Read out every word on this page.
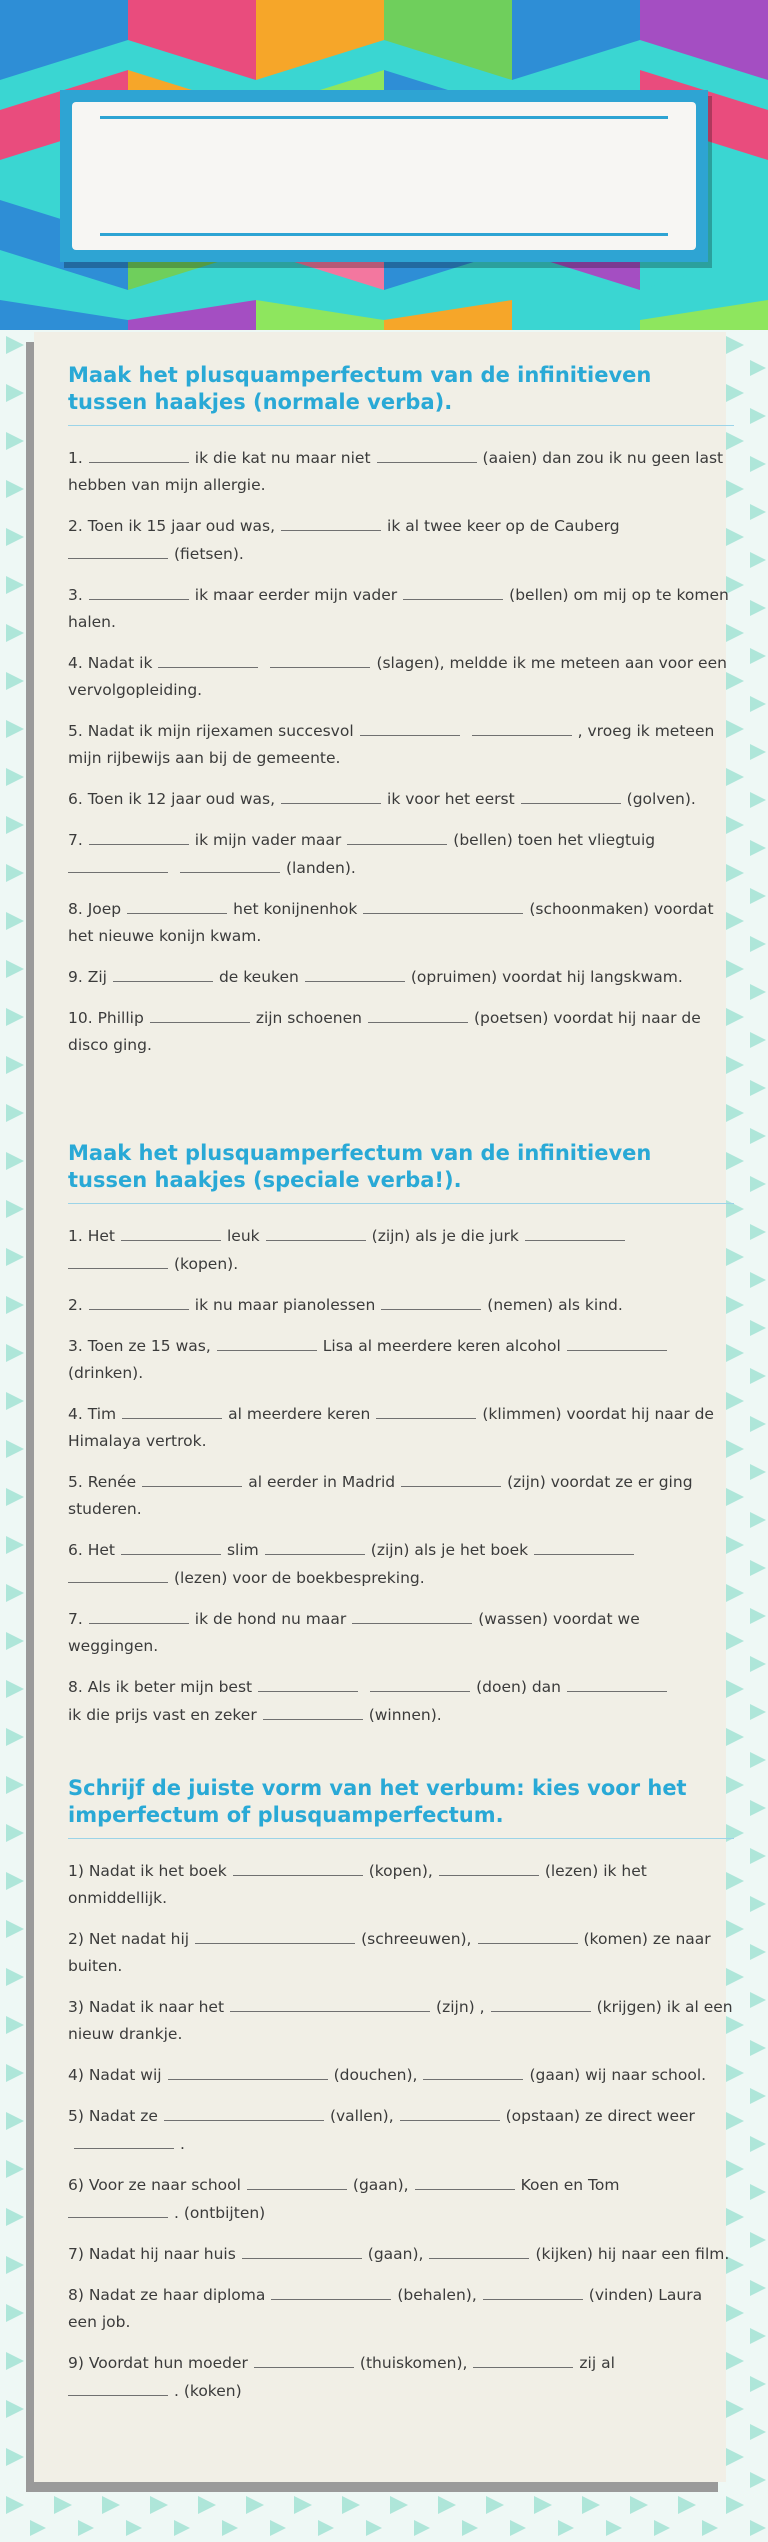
Maak het plusquamperfectum van de infinitieven tussen haakjes (normale verba).

1.	ik die kat nu maar niet	(aaien) dan zou ik nu geen last hebben van mijn allergie.

2. Toen ik 15 jaar oud was,	ik al twee keer op de Cauberg
(fietsen).

3.	ik maar eerder mijn vader	(bellen) om mij op te komen halen.

4. Nadat ik	(slagen), meldde ik me meteen aan voor een vervolgopleiding.

5. Nadat ik mijn rijexamen succesvol	, vroeg ik meteen mijn rijbewijs aan bij de gemeente.

6. Toen ik 12 jaar oud was,	ik voor het eerst	(golven).

7.	ik mijn vader maar	(bellen) toen het vliegtuig
(landen).

8. Joep	het konijnenhok	(schoonmaken) voordat het nieuwe konijn kwam.

9. Zij	de keuken	(opruimen) voordat hij langskwam.

10. Phillip	zijn schoenen	(poetsen) voordat hij naar de disco ging.

Maak het plusquamperfectum van de infinitieven tussen haakjes (speciale verba!).

1. Het	leuk	(zijn) als je die jurk
(kopen).

2.	ik nu maar pianolessen	(nemen) als kind.

3. Toen ze 15 was,	Lisa al meerdere keren alcohol(drinken).

4. Tim	al meerdere keren	(klimmen) voordat hij naar de Himalaya vertrok.

5. Renée	al eerder in Madrid	(zijn) voordat ze er ging studeren.

6. Het	slim	(zijn) als je het boek
(lezen) voor de boekbespreking.

7.	ik de hond nu maar	(wassen) voordat we weggingen.

8. Als ik beter mijn best	(doen) dan
ik die prijs vast en zeker	(winnen).

Schrijf de juiste vorm van het verbum: kies voor het imperfectum of plusquamperfectum.

1) Nadat ik het boek	(kopen),	(lezen) ik het onmiddellijk.

2) Net nadat hij	(schreeuwen),	(komen) ze naar buiten.

3) Nadat ik naar het	(zijn) ,	(krijgen) ik al een nieuw drankje.

4) Nadat wij	(douchen),	(gaan) wij naar school.

5) Nadat ze	(vallen),	(opstaan) ze direct weer.

6) Voor ze naar school	(gaan),	Koen en Tom
. (ontbijten)

7) Nadat hij naar huis	(gaan),	(kijken) hij naar een film.

8) Nadat ze haar diploma	(behalen),	(vinden) Laura een job.

9) Voordat hun moeder	(thuiskomen),	zij al
. (koken)
